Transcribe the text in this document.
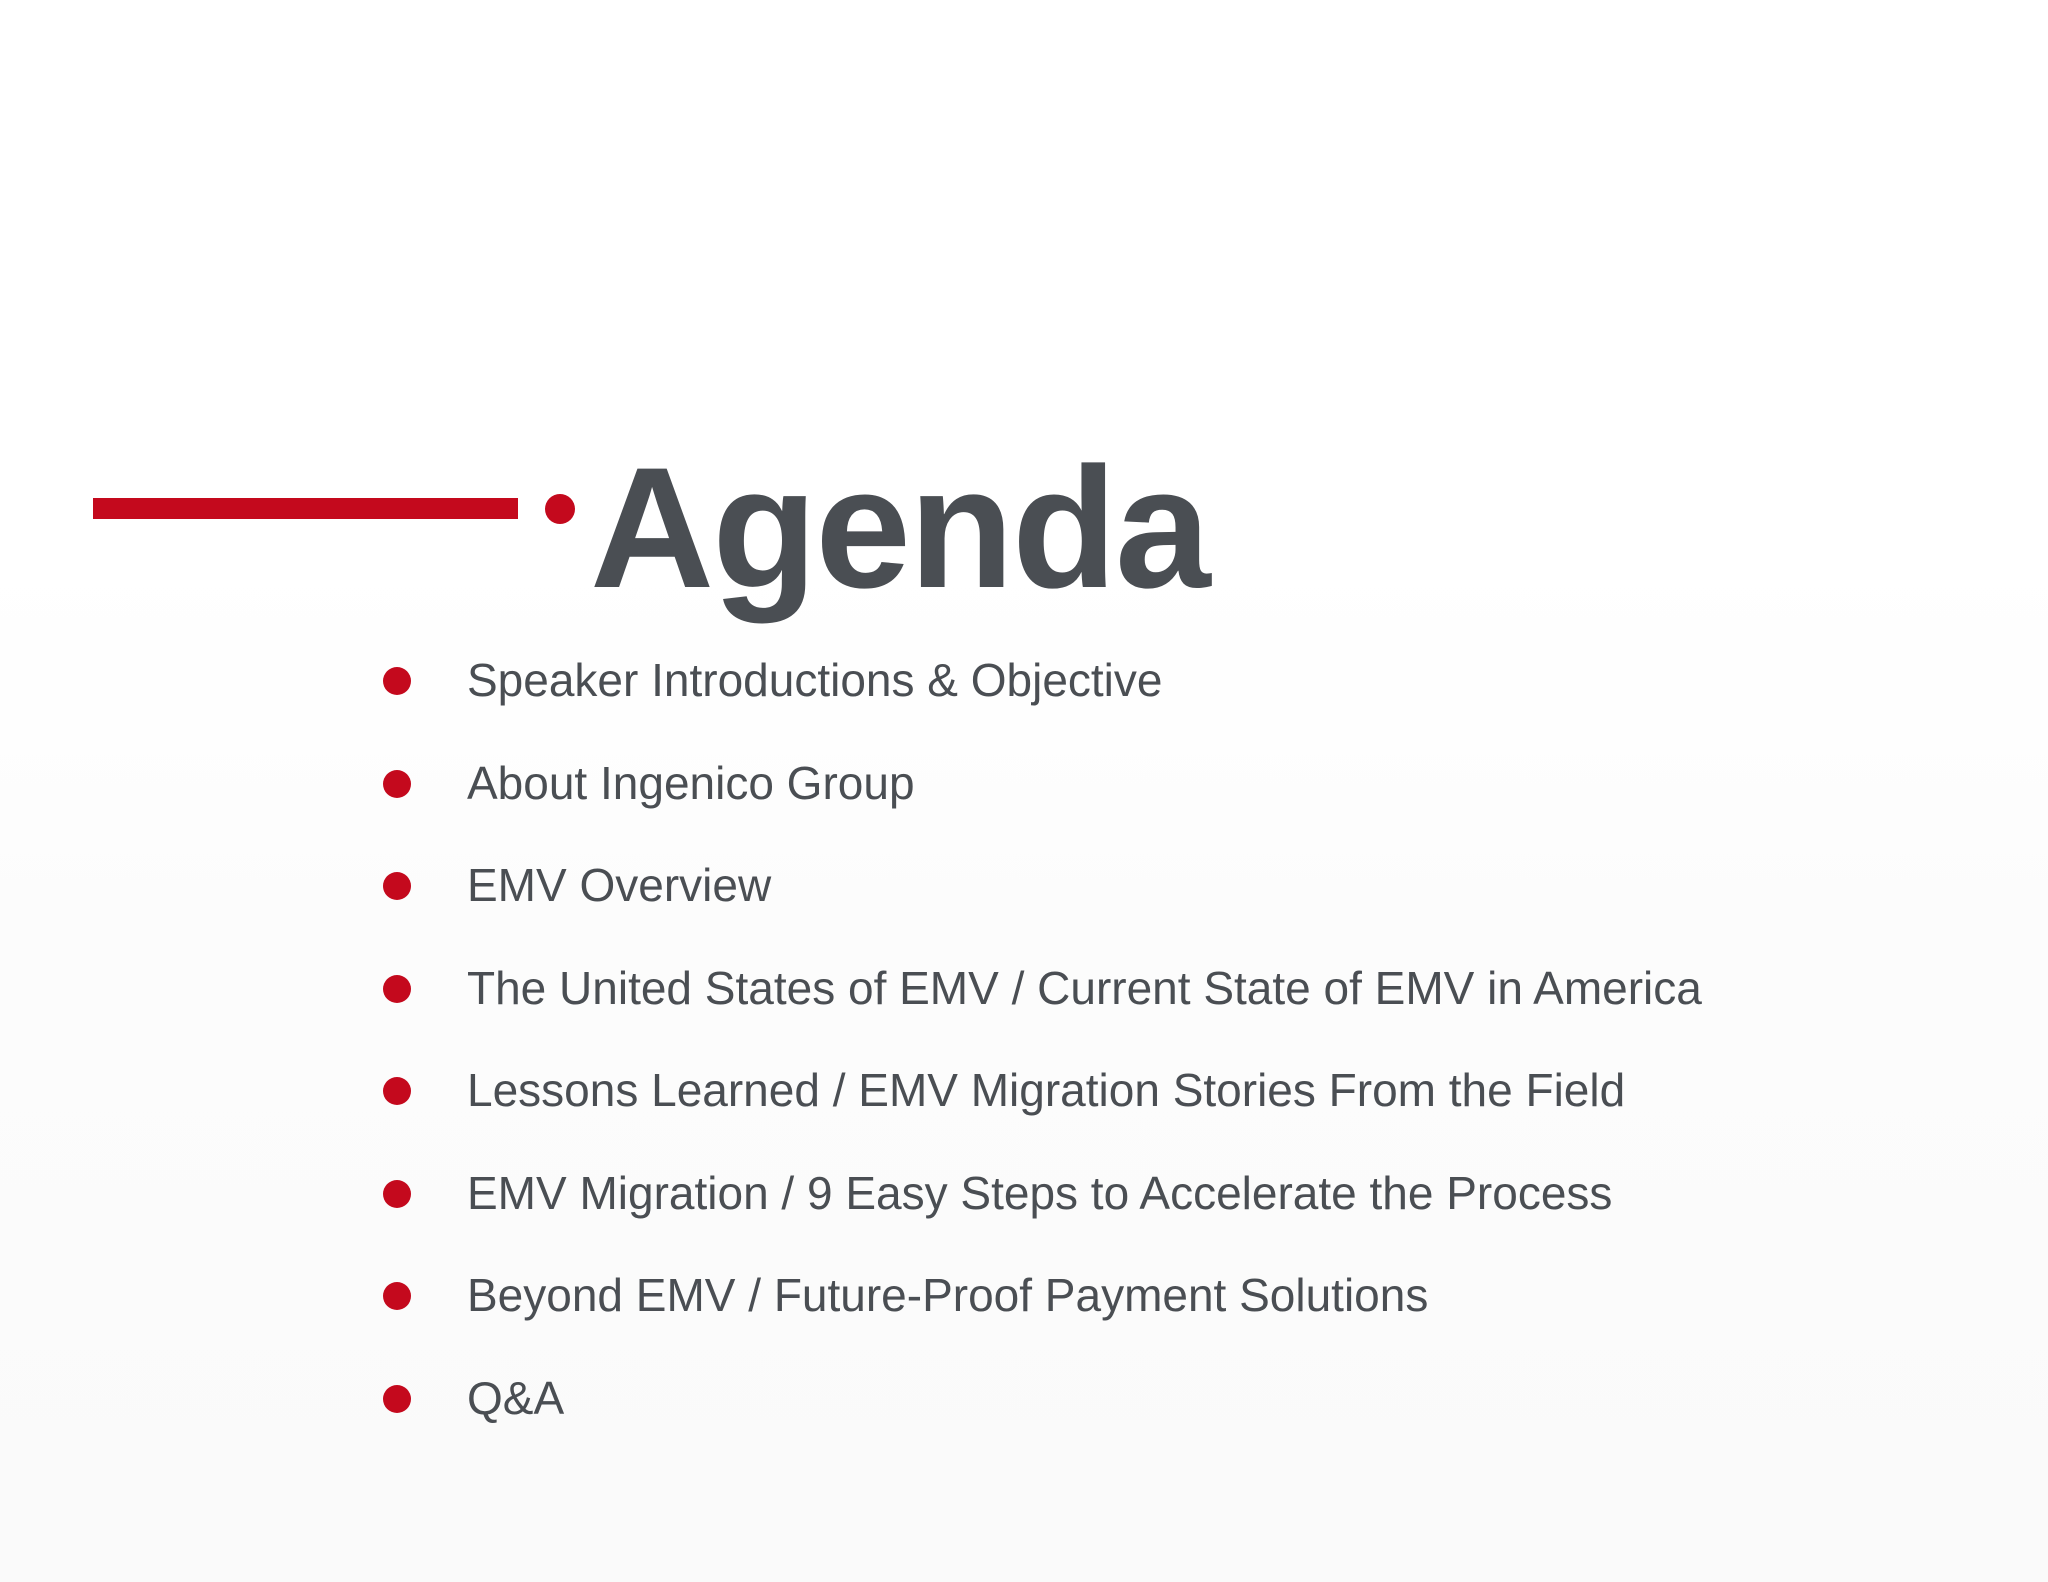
Agenda
Speaker Introductions & Objective
About Ingenico Group
EMV Overview
The United States of EMV / Current State of EMV in America
Lessons Learned / EMV Migration Stories From the Field
EMV Migration / 9 Easy Steps to Accelerate the Process
Beyond EMV / Future-Proof Payment Solutions
Q&A
